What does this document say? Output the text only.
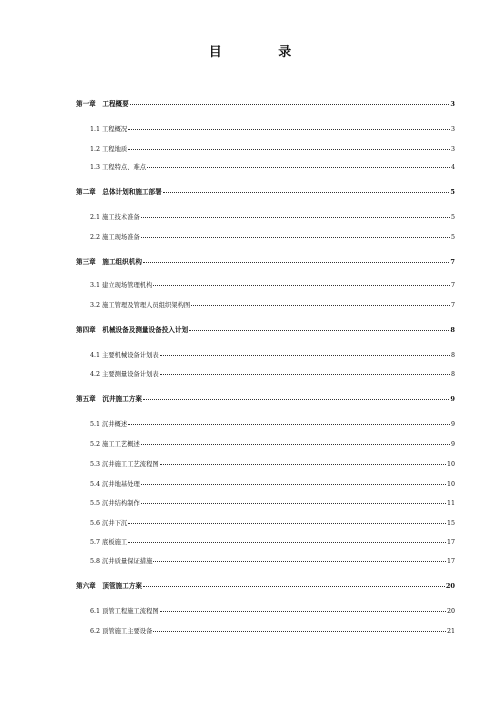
目 录
第一章　工程概要	3
1.1 工程概况	3
1.2 工程地质	3
1.3 工程特点、难点	4
第二章　总体计划和施工部署	5
2.1 施工技术准备	5
2.2 施工现场准备	5
第三章　施工组织机构	7
3.1 建立现场管理机构	7
3.2 施工管理及管理人员组织架构图	7
第四章　机械设备及测量设备投入计划	8
4.1 主要机械设备计划表	8
4.2 主要测量设备计划表	8
第五章　沉井施工方案	9
5.1 沉井概述	9
5.2 施工工艺概述	9
5.3 沉井施工工艺流程图	10
5.4 沉井地基处理	10
5.5 沉井结构制作	11
5.6 沉井下沉	15
5.7 底板施工	17
5.8 沉井质量保证措施	17
第六章　顶管施工方案	20
6.1 顶管工程施工流程图	20
6.2 顶管施工主要设备	21
